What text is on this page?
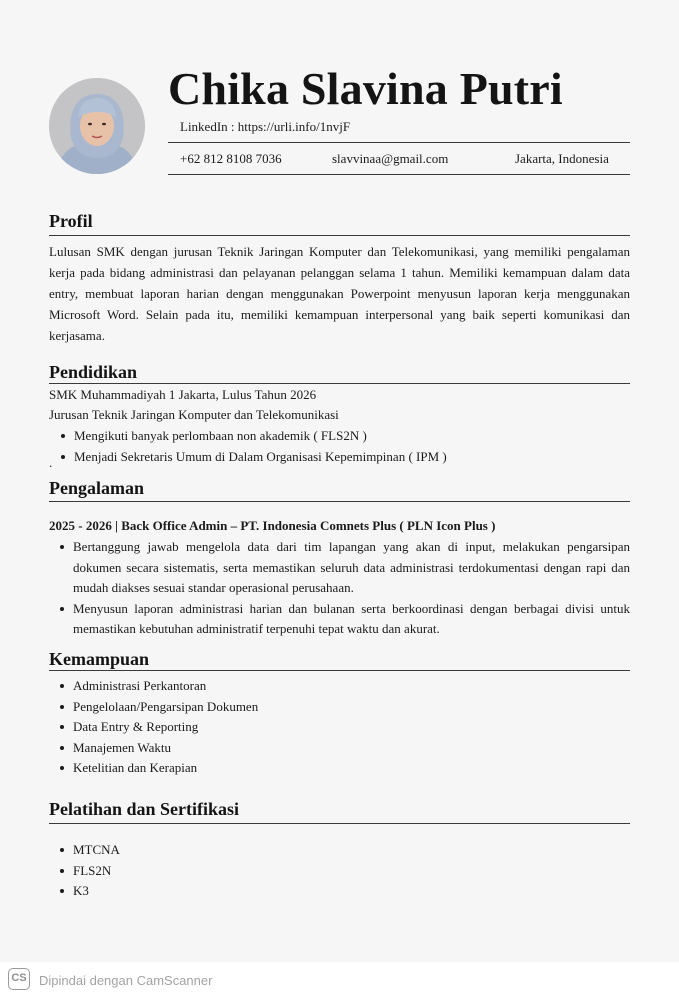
Chika Slavina Putri
LinkedIn : https://urli.info/1nvjF
+62 812 8108 7036	slavvinaa@gmail.com	Jakarta, Indonesia
Profil

Lulusan SMK dengan jurusan Teknik Jaringan Komputer dan Telekomunikasi, yang memiliki pengalaman kerja pada bidang administrasi dan pelayanan pelanggan selama 1 tahun. Memiliki kemampuan dalam data entry, membuat laporan harian dengan menggunakan Powerpoint menyusun laporan kerja menggunakan Microsoft Word. Selain pada itu, memiliki kemampuan interpersonal yang baik seperti komunikasi dan kerjasama.

Pendidikan
SMK Muhammadiyah 1 Jakarta, Lulus Tahun 2026
Jurusan Teknik Jaringan Komputer dan Telekomunikasi
.
Mengikuti banyak perlombaan non akademik ( FLS2N )
Menjadi Sekretaris Umum di Dalam Organisasi Kepemimpinan ( IPM )
Pengalaman
2025 - 2026 | Back Office Admin – PT. Indonesia Comnets Plus ( PLN Icon Plus )
Bertanggung jawab mengelola data dari tim lapangan yang akan di input, melakukan pengarsipan dokumen secara sistematis, serta memastikan seluruh data administrasi terdokumentasi dengan rapi dan mudah diakses sesuai standar operasional perusahaan.
Menyusun laporan administrasi harian dan bulanan serta berkoordinasi dengan berbagai divisi untuk memastikan kebutuhan administratif terpenuhi tepat waktu dan akurat.
Kemampuan
Administrasi Perkantoran
Pengelolaan/Pengarsipan Dokumen
Data Entry & Reporting
Manajemen Waktu
Ketelitian dan Kerapian
Pelatihan dan Sertifikasi
MTCNA
FLS2N
K3
CS Dipindai dengan CamScanner
